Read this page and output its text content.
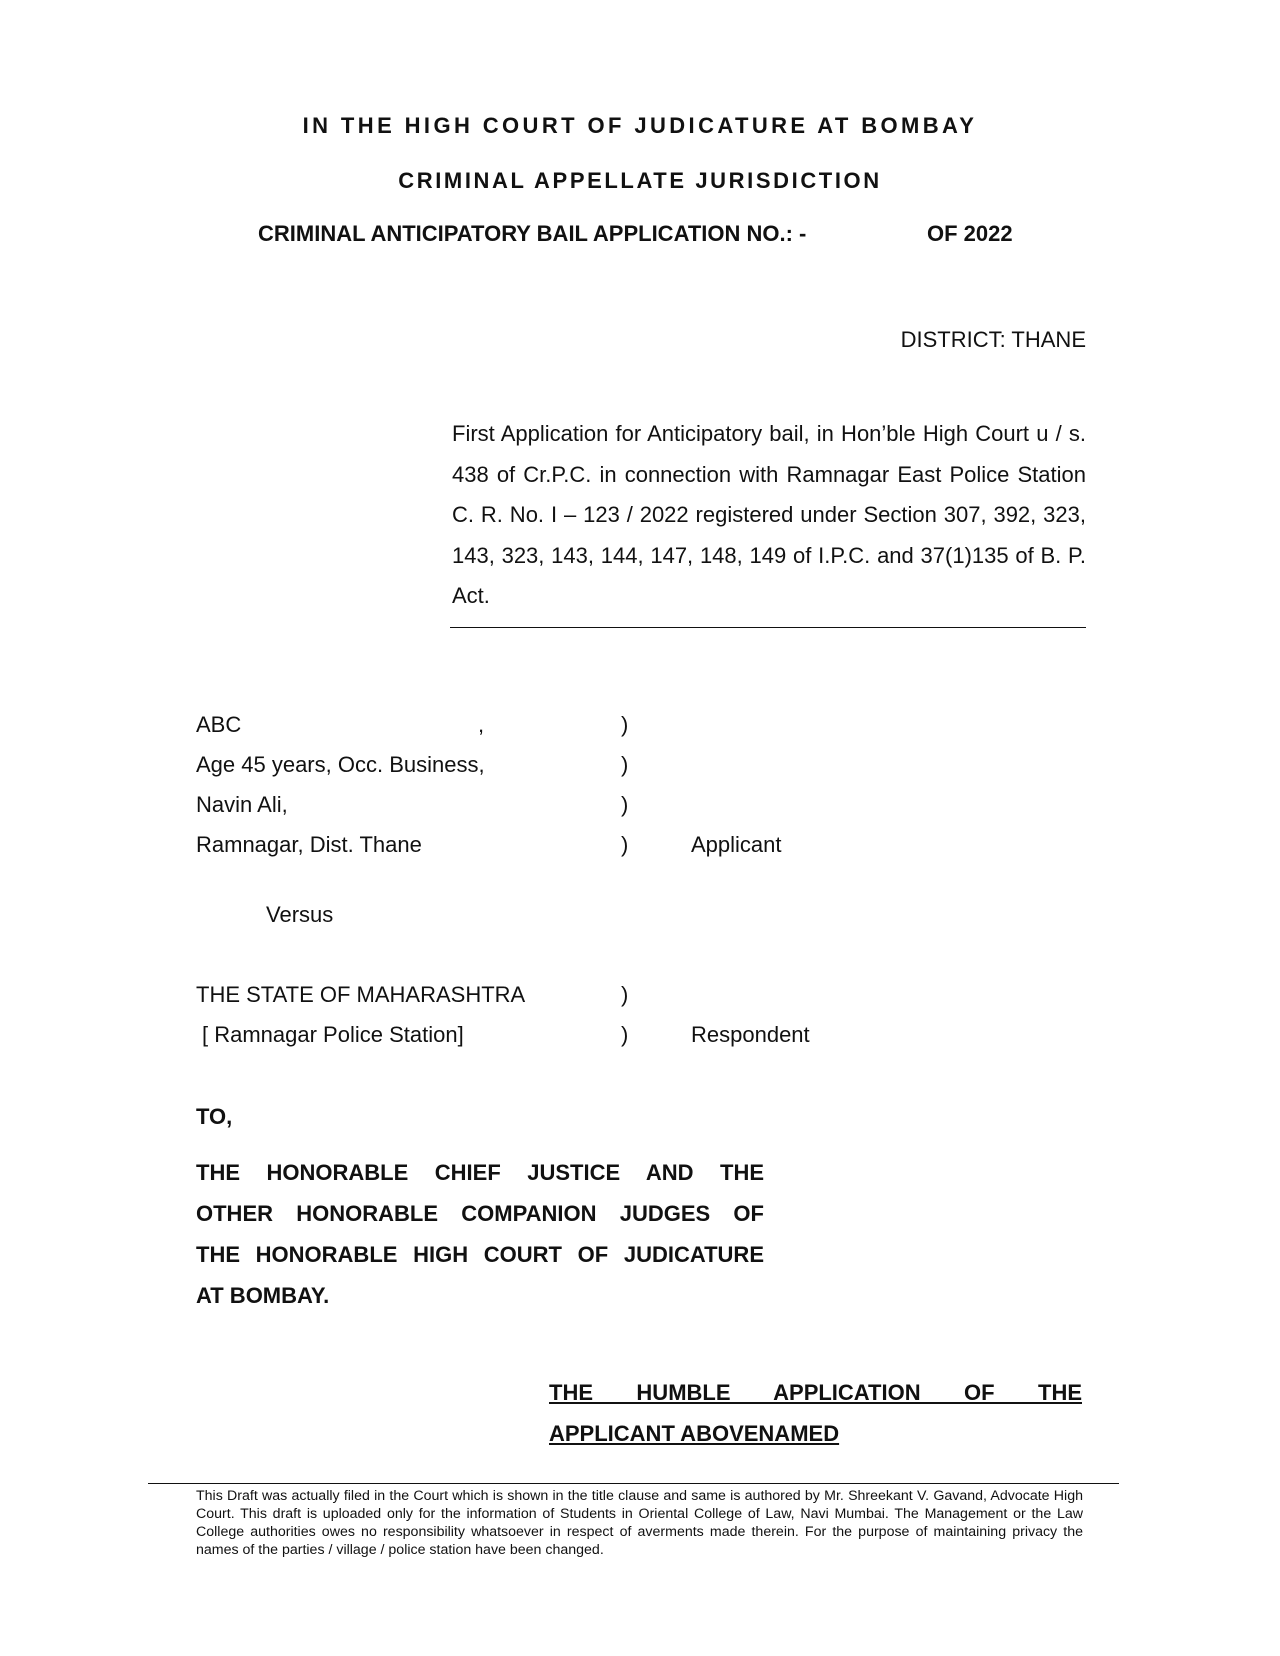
IN THE HIGH COURT OF JUDICATURE AT BOMBAY
CRIMINAL APPELLATE JURISDICTION
CRIMINAL ANTICIPATORY BAIL APPLICATION NO.: -	OF 2022
DISTRICT: THANE
First Application for Anticipatory bail, in Hon’ble High Court u / s. 438 of Cr.P.C. in connection with Ramnagar East Police Station C. R. No. I – 123 / 2022 registered under Section 307, 392, 323, 143, 323, 143, 144, 147, 148, 149 of I.P.C. and 37(1)135 of B. P. Act.
ABC	,	)
Age 45 years, Occ. Business,	)
Navin Ali,	)
Ramnagar, Dist. Thane	)	Applicant
Versus
THE STATE OF MAHARASHTRA	)
[ Ramnagar Police Station]	)	Respondent
TO,
THE HONORABLE CHIEF JUSTICE AND THE
OTHER HONORABLE COMPANION JUDGES OF
THE HONORABLE HIGH COURT OF JUDICATURE
AT BOMBAY.
THE HUMBLE APPLICATION OF THE
APPLICANT ABOVENAMED
This Draft was actually filed in the Court which is shown in the title clause and same is authored by Mr. Shreekant V. Gavand, Advocate High Court. This draft is uploaded only for the information of Students in Oriental College of Law, Navi Mumbai. The Management or the Law College authorities owes no responsibility whatsoever in respect of averments made therein. For the purpose of maintaining privacy the names of the parties / village / police station have been changed.
